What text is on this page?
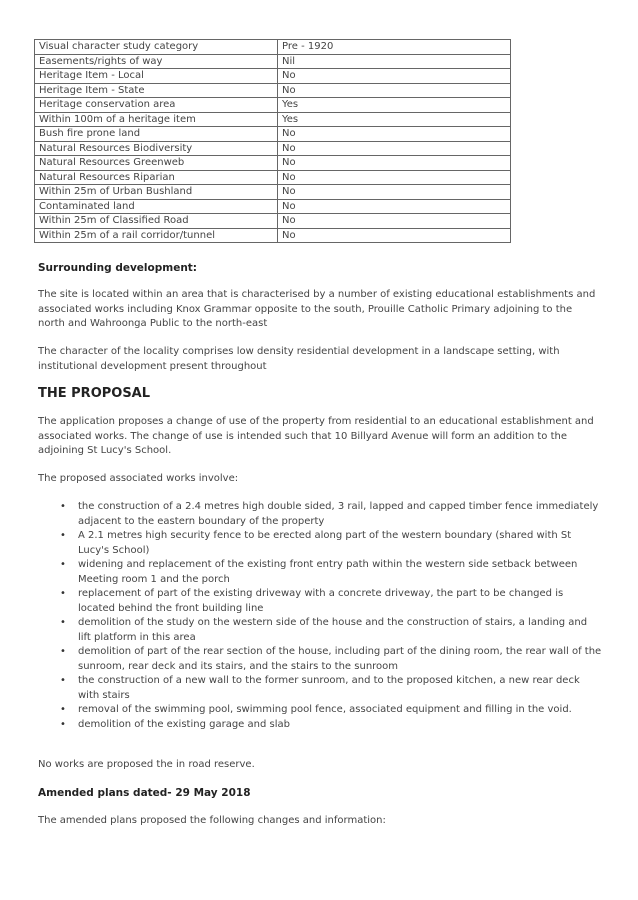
Visual character study category	Pre - 1920
Easements/rights of way	Nil
Heritage Item - Local	No
Heritage Item - State	No
Heritage conservation area	Yes
Within 100m of a heritage item	Yes
Bush fire prone land	No
Natural Resources Biodiversity	No
Natural Resources Greenweb	No
Natural Resources Riparian	No
Within 25m of Urban Bushland	No
Contaminated land	No
Within 25m of Classified Road	No
Within 25m of a rail corridor/tunnel	No
Surrounding development:
The site is located within an area that is characterised by a number of existing educational establishments and associated works including Knox Grammar opposite to the south, Prouille Catholic Primary adjoining to the north and Wahroonga Public to the north-east
The character of the locality comprises low density residential development in a landscape setting, with institutional development present throughout
THE PROPOSAL
The application proposes a change of use of the property from residential to an educational establishment and associated works. The change of use is intended such that 10 Billyard Avenue will form an addition to the adjoining St Lucy's School.
The proposed associated works involve:
• the construction of a 2.4 metres high double sided, 3 rail, lapped and capped timber fence immediately adjacent to the eastern boundary of the property
• A 2.1 metres high security fence to be erected along part of the western boundary (shared with St Lucy's School)
• widening and replacement of the existing front entry path within the western side setback between Meeting room 1 and the porch
• replacement of part of the existing driveway with a concrete driveway, the part to be changed is located behind the front building line
• demolition of the study on the western side of the house and the construction of stairs, a landing and lift platform in this area
• demolition of part of the rear section of the house, including part of the dining room, the rear wall of the sunroom, rear deck and its stairs, and the stairs to the sunroom
• the construction of a new wall to the former sunroom, and to the proposed kitchen, a new rear deck with stairs
• removal of the swimming pool, swimming pool fence, associated equipment and filling in the void.
• demolition of the existing garage and slab
No works are proposed the in road reserve.
Amended plans dated- 29 May 2018
The amended plans proposed the following changes and information:
